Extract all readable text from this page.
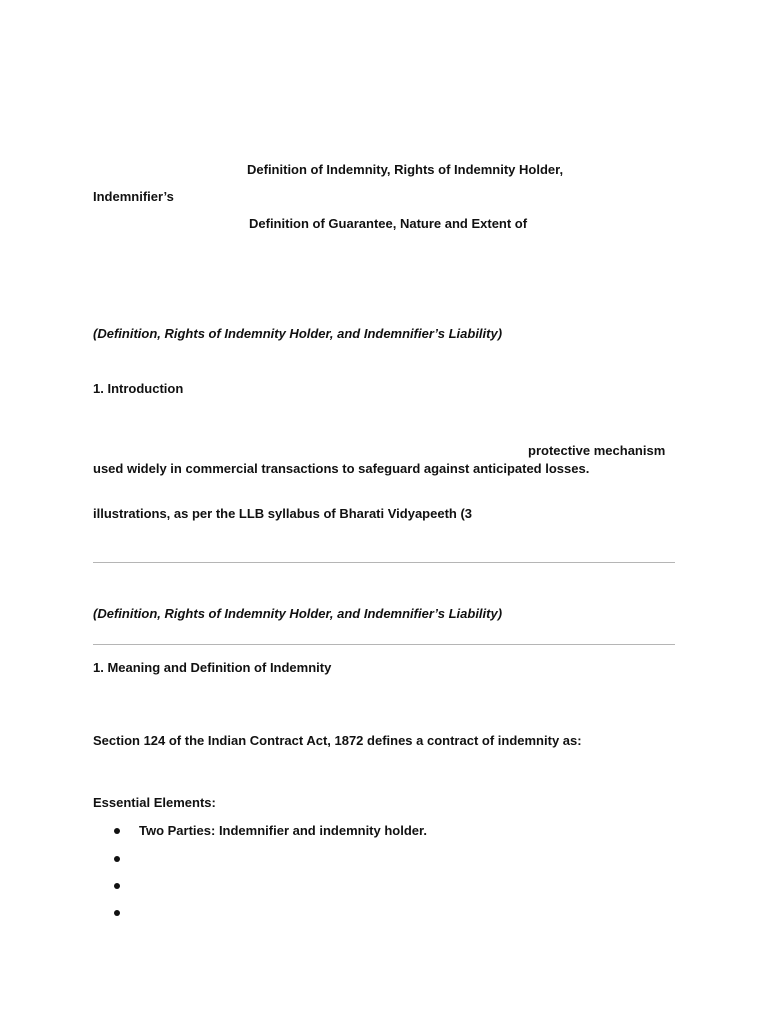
Definition of Indemnity, Rights of Indemnity Holder,
Indemnifier’s
Definition of Guarantee, Nature and Extent of
(Definition, Rights of Indemnity Holder, and Indemnifier’s Liability)
1. Introduction
protective mechanism
used widely in commercial transactions to safeguard against anticipated losses.
illustrations, as per the LLB syllabus of Bharati Vidyapeeth (3
(Definition, Rights of Indemnity Holder, and Indemnifier’s Liability)
1. Meaning and Definition of Indemnity
Section 124 of the Indian Contract Act, 1872 defines a contract of indemnity as:
Essential Elements:
Two Parties: Indemnifier and indemnity holder.
